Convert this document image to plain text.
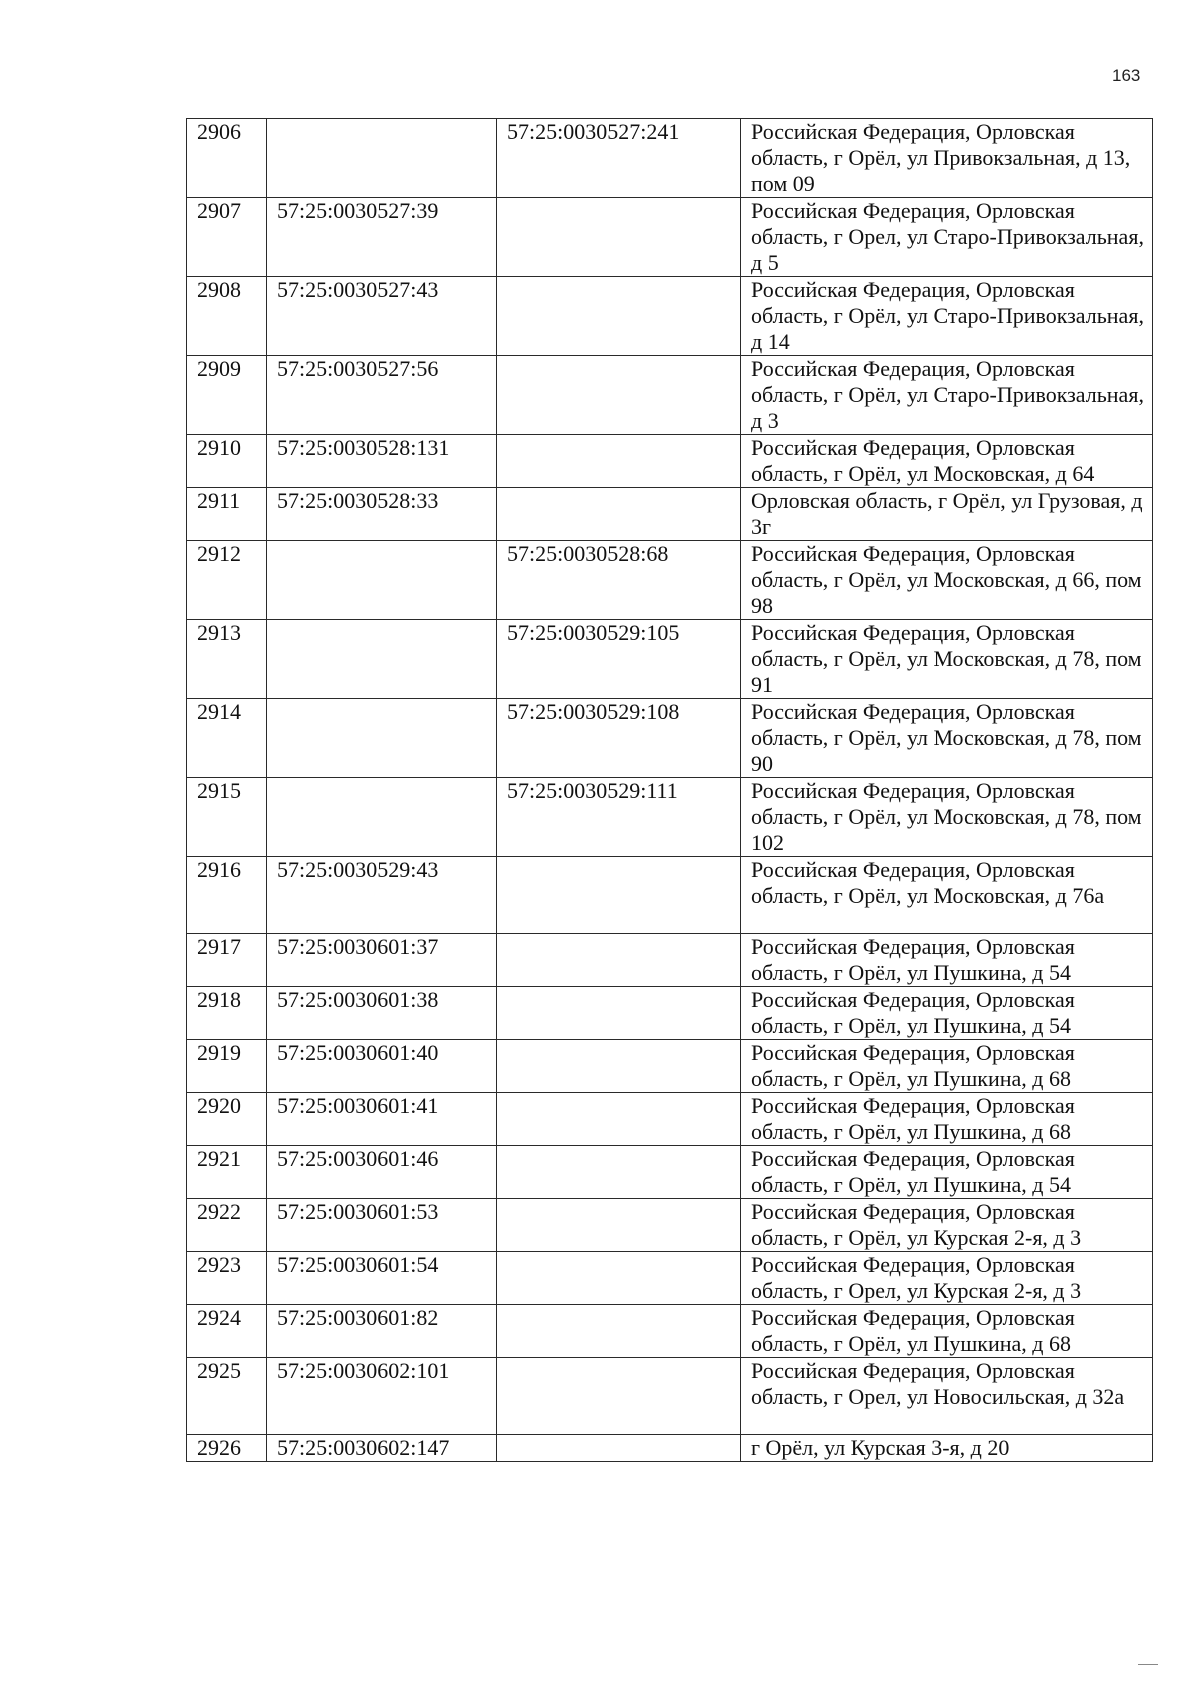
163
2906		57:25:0030527:241	Российская Федерация, Орловская область, г Орёл, ул Привокзальная, д 13, пом 09
2907	57:25:0030527:39		Российская Федерация, Орловская область, г Орел, ул Старо-Привокзальная, д 5
2908	57:25:0030527:43		Российская Федерация, Орловская область, г Орёл, ул Старо-Привокзальная, д 14
2909	57:25:0030527:56		Российская Федерация, Орловская область, г Орёл, ул Старо-Привокзальная, д 3
2910	57:25:0030528:131		Российская Федерация, Орловская область, г Орёл, ул Московская, д 64
2911	57:25:0030528:33		Орловская область, г Орёл, ул Грузовая, д 3г
2912		57:25:0030528:68	Российская Федерация, Орловская область, г Орёл, ул Московская, д 66, пом 98
2913		57:25:0030529:105	Российская Федерация, Орловская область, г Орёл, ул Московская, д 78, пом 91
2914		57:25:0030529:108	Российская Федерация, Орловская область, г Орёл, ул Московская, д 78, пом 90
2915		57:25:0030529:111	Российская Федерация, Орловская область, г Орёл, ул Московская, д 78, пом 102
2916	57:25:0030529:43		Российская Федерация, Орловская область, г Орёл, ул Московская, д 76а
2917	57:25:0030601:37		Российская Федерация, Орловская область, г Орёл, ул Пушкина, д 54
2918	57:25:0030601:38		Российская Федерация, Орловская область, г Орёл, ул Пушкина, д 54
2919	57:25:0030601:40		Российская Федерация, Орловская область, г Орёл, ул Пушкина, д 68
2920	57:25:0030601:41		Российская Федерация, Орловская область, г Орёл, ул Пушкина, д 68
2921	57:25:0030601:46		Российская Федерация, Орловская область, г Орёл, ул Пушкина, д 54
2922	57:25:0030601:53		Российская Федерация, Орловская область, г Орёл, ул Курская 2-я, д 3
2923	57:25:0030601:54		Российская Федерация, Орловская область, г Орел, ул Курская 2-я, д 3
2924	57:25:0030601:82		Российская Федерация, Орловская область, г Орёл, ул Пушкина, д 68
2925	57:25:0030602:101		Российская Федерация, Орловская область, г Орел, ул Новосильская, д 32а
2926	57:25:0030602:147		г Орёл, ул Курская 3-я, д 20
